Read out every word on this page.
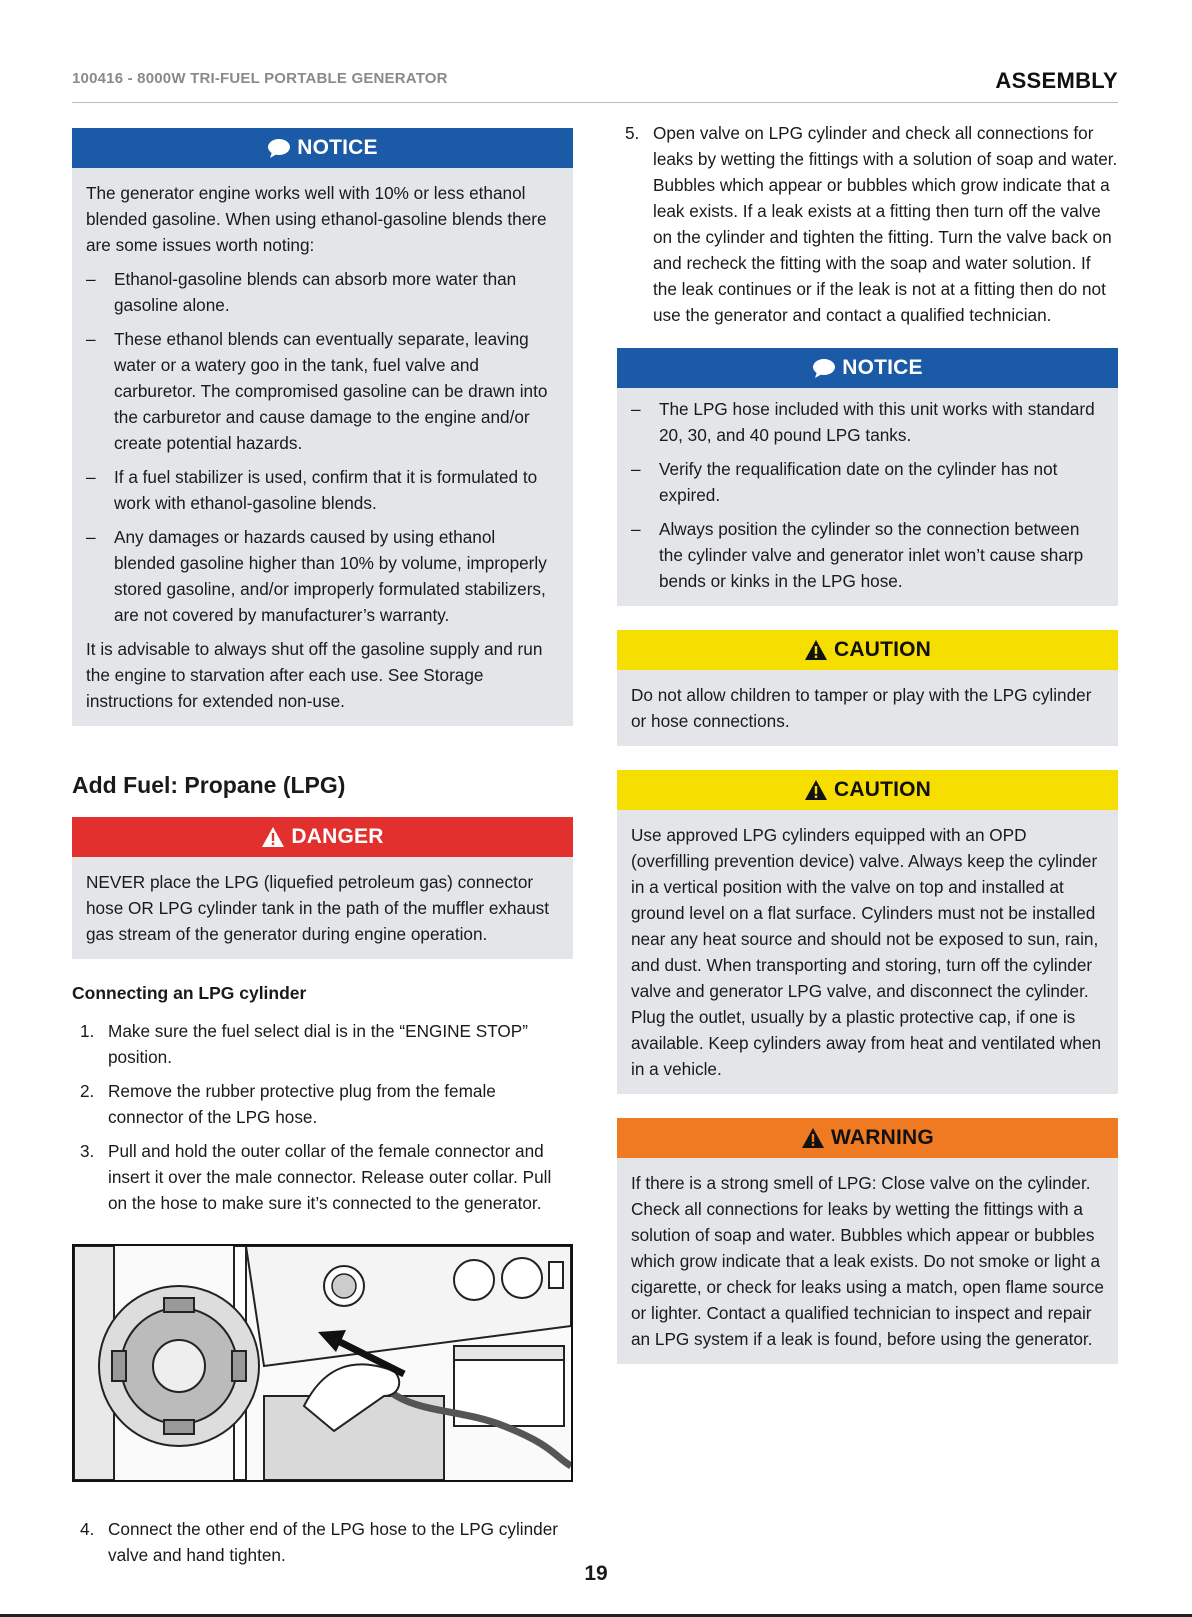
100416 - 8000W TRI-FUEL PORTABLE GENERATOR	ASSEMBLY
NOTICE

The generator engine works well with 10% or less ethanol blended gasoline. When using ethanol-gasoline blends there are some issues worth noting:

– Ethanol-gasoline blends can absorb more water than gasoline alone.
– These ethanol blends can eventually separate, leaving water or a watery goo in the tank, fuel valve and carburetor. The compromised gasoline can be drawn into the carburetor and cause damage to the engine and/or create potential hazards.
– If a fuel stabilizer is used, confirm that it is formulated to work with ethanol-gasoline blends.
– Any damages or hazards caused by using ethanol blended gasoline higher than 10% by volume, improperly stored gasoline, and/or improperly formulated stabilizers, are not covered by manufacturer’s warranty.

It is advisable to always shut off the gasoline supply and run the engine to starvation after each use. See Storage instructions for extended non-use.

Add Fuel: Propane (LPG)
DANGER

NEVER place the LPG (liquefied petroleum gas) connector hose OR LPG cylinder tank in the path of the muffler exhaust gas stream of the generator during engine operation.

Connecting an LPG cylinder
1. Make sure the fuel select dial is in the “ENGINE STOP” position.
2. Remove the rubber protective plug from the female connector of the LPG hose.
3. Pull and hold the outer collar of the female connector and insert it over the male connector. Release outer collar. Pull on the hose to make sure it’s connected to the generator.
4. Connect the other end of the LPG hose to the LPG cylinder valve and hand tighten.
5. Open valve on LPG cylinder and check all connections for leaks by wetting the fittings with a solution of soap and water. Bubbles which appear or bubbles which grow indicate that a leak exists. If a leak exists at a fitting then turn off the valve on the cylinder and tighten the fitting. Turn the valve back on and recheck the fitting with the soap and water solution. If the leak continues or if the leak is not at a fitting then do not use the generator and contact a qualified technician.
NOTICE
– The LPG hose included with this unit works with standard 20, 30, and 40 pound LPG tanks.
– Verify the requalification date on the cylinder has not expired.
– Always position the cylinder so the connection between the cylinder valve and generator inlet won’t cause sharp bends or kinks in the LPG hose.
CAUTION

Do not allow children to tamper or play with the LPG cylinder or hose connections.

CAUTION

Use approved LPG cylinders equipped with an OPD (overfilling prevention device) valve. Always keep the cylinder in a vertical position with the valve on top and installed at ground level on a flat surface. Cylinders must not be installed near any heat source and should not be exposed to sun, rain, and dust. When transporting and storing, turn off the cylinder valve and generator LPG valve, and disconnect the cylinder. Plug the outlet, usually by a plastic protective cap, if one is available. Keep cylinders away from heat and ventilated when in a vehicle.

WARNING

If there is a strong smell of LPG: Close valve on the cylinder. Check all connections for leaks by wetting the fittings with a solution of soap and water. Bubbles which appear or bubbles which grow indicate that a leak exists. Do not smoke or light a cigarette, or check for leaks using a match, open flame source or lighter. Contact a qualified technician to inspect and repair an LPG system if a leak is found, before using the generator.

19
